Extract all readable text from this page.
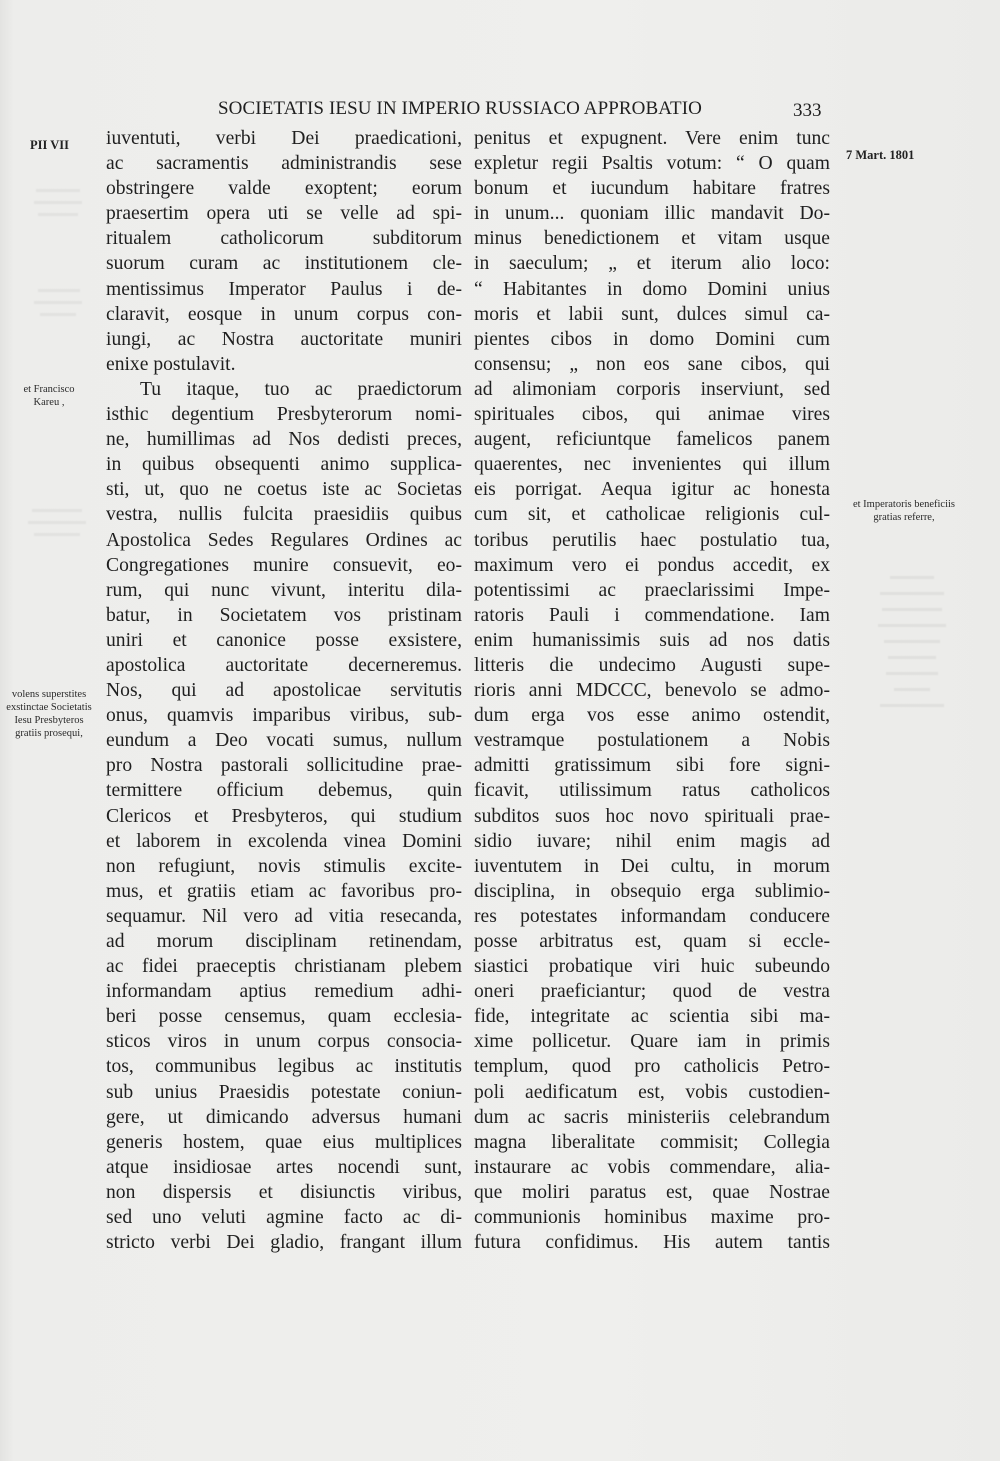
SOCIETATIS IESU IN IMPERIO RUSSIACO APPROBATIO	333
PII VII
7 Mart. 1801
et Francisco Kareu ,
volens superstites exstinctae Societatis Iesu Presbyteros gratiis prosequi,
et Imperatoris beneficiis gratias referre,
iuventuti, verbi Dei praedicationi,
ac sacramentis administrandis sese
obstringere valde exoptent; eorum
praesertim opera uti se velle ad spi-
ritualem catholicorum subditorum
suorum curam ac institutionem cle-
mentissimus Imperator Paulus i de-
claravit, eosque in unum corpus con-
iungi, ac Nostra auctoritate muniri
enixe postulavit.
Tu itaque, tuo ac praedictorum
isthic degentium Presbyterorum nomi-
ne, humillimas ad Nos dedisti preces,
in quibus obsequenti animo supplica-
sti, ut, quo ne coetus iste ac Societas
vestra, nullis fulcita praesidiis quibus
Apostolica Sedes Regulares Ordines ac
Congregationes munire consuevit, eo-
rum, qui nunc vivunt, interitu dila-
batur, in Societatem vos pristinam
uniri et canonice posse exsistere,
apostolica auctoritate decerneremus.
Nos, qui ad apostolicae servitutis
onus, quamvis imparibus viribus, sub-
eundum a Deo vocati sumus, nullum
pro Nostra pastorali sollicitudine prae-
termittere officium debemus, quin
Clericos et Presbyteros, qui studium
et laborem in excolenda vinea Domini
non refugiunt, novis stimulis excite-
mus, et gratiis etiam ac favoribus pro-
sequamur. Nil vero ad vitia resecanda,
ad morum disciplinam retinendam,
ac fidei praeceptis christianam plebem
informandam aptius remedium adhi-
beri posse censemus, quam ecclesia-
sticos viros in unum corpus consocia-
tos, communibus legibus ac institutis
sub unius Praesidis potestate coniun-
gere, ut dimicando adversus humani
generis hostem, quae eius multiplices
atque insidiosae artes nocendi sunt,
non dispersis et disiunctis viribus,
sed uno veluti agmine facto ac di-
stricto verbi Dei gladio, frangant illum
penitus et expugnent. Vere enim tunc
expletur regii Psaltis votum: “ O quam
bonum et iucundum habitare fratres
in unum... quoniam illic mandavit Do-
minus benedictionem et vitam usque
in saeculum; „ et iterum alio loco:
“ Habitantes in domo Domini unius
moris et labii sunt, dulces simul ca-
pientes cibos in domo Domini cum
consensu; „ non eos sane cibos, qui
ad alimoniam corporis inserviunt, sed
spirituales cibos, qui animae vires
augent, reficiuntque famelicos panem
quaerentes, nec invenientes qui illum
eis porrigat. Aequa igitur ac honesta
cum sit, et catholicae religionis cul-
toribus perutilis haec postulatio tua,
maximum vero ei pondus accedit, ex
potentissimi ac praeclarissimi Impe-
ratoris Pauli i commendatione. Iam
enim humanissimis suis ad nos datis
litteris die undecimo Augusti supe-
rioris anni MDCCC, benevolo se admo-
dum erga vos esse animo ostendit,
vestramque postulationem a Nobis
admitti gratissimum sibi fore signi-
ficavit, utilissimum ratus catholicos
subditos suos hoc novo spirituali prae-
sidio iuvare; nihil enim magis ad
iuventutem in Dei cultu, in morum
disciplina, in obsequio erga sublimio-
res potestates informandam conducere
posse arbitratus est, quam si eccle-
siastici probatique viri huic subeundo
oneri praeficiantur; quod de vestra
fide, integritate ac scientia sibi ma-
xime pollicetur. Quare iam in primis
templum, quod pro catholicis Petro-
poli aedificatum est, vobis custodien-
dum ac sacris ministeriis celebrandum
magna liberalitate commisit; Collegia
instaurare ac vobis commendare, alia-
que moliri paratus est, quae Nostrae
communionis hominibus maxime pro-
futura confidimus. His autem tantis
